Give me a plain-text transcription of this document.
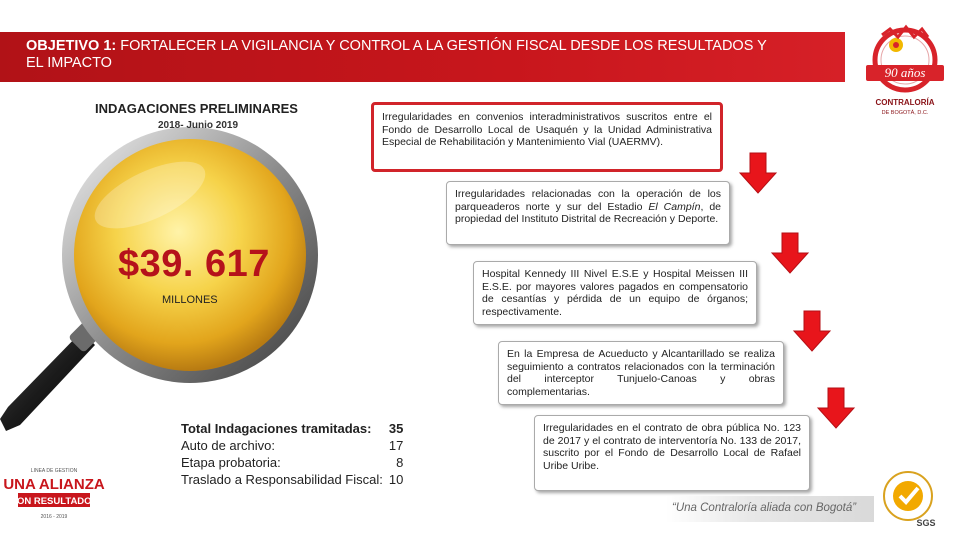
OBJETIVO 1: FORTALECER LA VIGILANCIA Y CONTROL A LA GESTIÓN FISCAL DESDE LOS RESULTADOS Y EL IMPACTO
90 años
CONTRALORÍA
DE BOGOTÁ, D.C.
INDAGACIONES PRELIMINARES
2018- Junio 2019
$39. 617
MILLONES
Total Indagaciones tramitadas:	35
Auto de archivo:	17
Etapa probatoria:	8
Traslado a Responsabilidad Fiscal:	10
Irregularidades en convenios interadministrativos suscritos entre el Fondo de Desarrollo Local de Usaquén y la Unidad Administrativa Especial de Rehabilitación y Mantenimiento Vial (UAERMV).
Irregularidades relacionadas con la operación de los parqueaderos norte y sur del Estadio El Campín, de propiedad del Instituto Distrital de Recreación y Deporte.
Hospital Kennedy III Nivel E.S.E y Hospital Meissen III E.S.E. por mayores valores pagados en compensatorio de cesantías y pérdida de un equipo de órganos; respectivamente.
En la Empresa de Acueducto y Alcantarillado se realiza seguimiento a contratos relacionados con la terminación del interceptor Tunjuelo-Canoas y obras complementarias.
Irregularidades en el contrato de obra pública No. 123 de 2017 y el contrato de interventoría No. 133 de 2017, suscrito por el Fondo de Desarrollo Local de Rafael Uribe Uribe.
LINEA DE GESTION
UNA ALIANZA
CON RESULTADOS
2016 - 2019
“Una Contraloría aliada con Bogotá”
SGS
